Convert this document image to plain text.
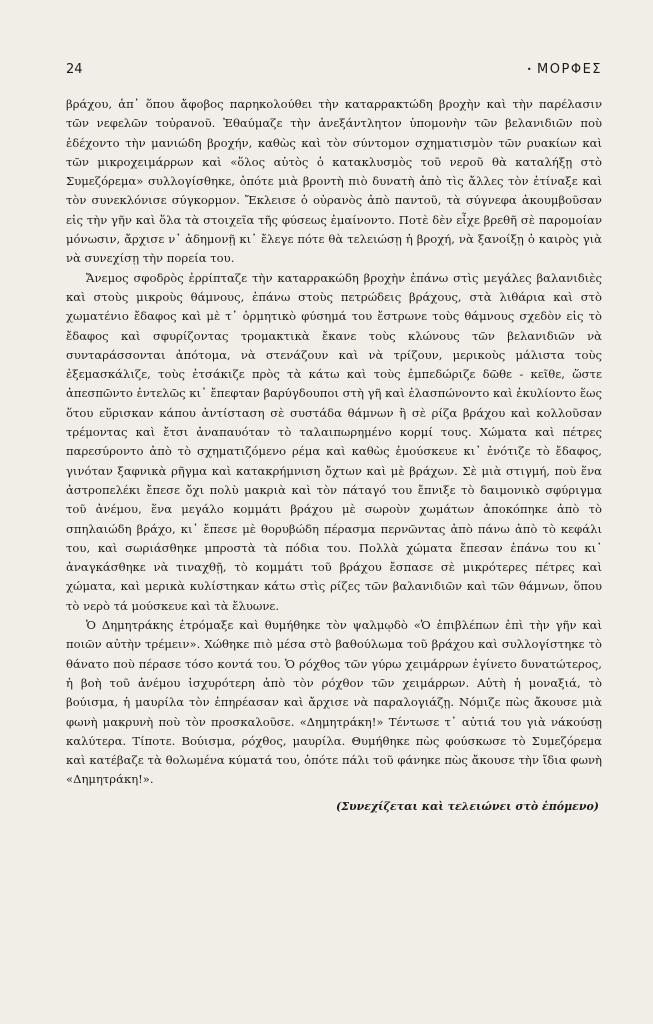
24	• ΜΟΡΦΕΣ

βράχου, ἀπ᾽ ὅπου ἄφοβος παρηκολούθει τὴν καταρρακτώδη βροχὴν καὶ τὴν παρέλασιν τῶν νεφελῶν τοὐρανοῦ. Ἐθαύμαζε τὴν ἀνεξάντλητον ὑπομονὴν τῶν βελανιδιῶν ποὺ ἐδέχοντο τὴν μανιώδη βροχήν, καθὼς καὶ τὸν σύντομον σχηματισμὸν τῶν ρυακίων καὶ τῶν μικροχειμάρρων καὶ «ὅλος αὐτὸς ὁ κατακλυσμὸς τοῦ νεροῦ θὰ καταλήξῃ στὸ Συμεζόρεμα» συλλογίσθηκε, ὁπότε μιὰ βροντὴ πιὸ δυνατὴ ἀπὸ τὶς ἄλλες τὸν ἐτίναξε καὶ τὸν συνεκλόνισε σύγκορμον. Ἔκλεισε ὁ οὐρανὸς ἀπὸ παντοῦ, τὰ σύγνεφα ἀκουμβοῦσαν εἰς τὴν γῆν καὶ ὅλα τὰ στοιχεῖα τῆς φύσεως ἐμαίνοντο. Ποτὲ δὲν εἶχε βρεθῆ σὲ παρομοίαν μόνωσιν, ἄρχισε ν᾽ ἀδημονῇ κι᾽ ἔλεγε πότε θὰ τελειώσῃ ἡ βροχή, νὰ ξανοίξῃ ὁ καιρὸς γιὰ νὰ συνεχίσῃ τὴν πορεία του.

Ἄνεμος σφοδρὸς ἐρρίπταζε τὴν καταρρακώδη βροχὴν ἐπάνω στὶς μεγάλες βαλανιδιὲς καὶ στοὺς μικροὺς θάμνους, ἐπάνω στοὺς πετρώδεις βράχους, στὰ λιθάρια καὶ στὸ χωματένιο ἔδαφος καὶ μὲ τ᾽ ὁρμητικὸ φύσημά του ἔστρωνε τοὺς θάμνους σχεδὸν εἰς τὸ ἔδαφος καὶ σφυρίζοντας τρομακτικὰ ἔκανε τοὺς κλώνους τῶν βελανιδιῶν νὰ συνταράσσονται ἀπότομα, νὰ στενάζουν καὶ νὰ τρίζουν, μερικοὺς μάλιστα τοὺς ἐξεμασκάλιζε, τοὺς ἐτσάκιζε πρὸς τὰ κάτω καὶ τοὺς ἐμπεδώριζε δῶθε - κεῖθε, ὥστε ἀπεσπῶντο ἐντελῶς κι᾽ ἔπεφταν βαρύγδουποι στὴ γῆ καὶ ἐλασπώνοντο καὶ ἐκυλίοντο ἕως ὅτου εὕρισκαν κάπου ἀντίσταση σὲ συστάδα θάμνων ἢ σὲ ρίζα βράχου καὶ κολλοῦσαν τρέμοντας καὶ ἔτσι ἀναπαυόταν τὸ ταλαιπωρημένο κορμί τους. Χώματα καὶ πέτρες παρεσύροντο ἀπὸ τὸ σχηματιζόμενο ρέμα καὶ καθὼς ἐμούσκευε κι᾽ ἐνότιζε τὸ ἔδαφος, γινόταν ξαφνικὰ ρῆγμα καὶ κατακρήμνιση ὄχτων καὶ μὲ βράχων. Σὲ μιὰ στιγμή, ποὺ ἕνα ἀστροπελέκι ἔπεσε ὄχι πολὺ μακριὰ καὶ τὸν πάταγό του ἔπνιξε τὸ δαιμονικὸ σφύριγμα τοῦ ἀνέμου, ἕνα μεγάλο κομμάτι βράχου μὲ σωροὺν χωμάτων ἀποκόπηκε ἀπὸ τὸ σπηλαιώδη βράχο, κι᾽ ἔπεσε μὲ θορυβώδη πέρασμα περνῶντας ἀπὸ πάνω ἀπὸ τὸ κεφάλι του, καὶ σωριάσθηκε μπροστὰ τὰ πόδια του. Πολλὰ χώματα ἔπεσαν ἐπάνω του κι᾽ ἀναγκάσθηκε νὰ τιναχθῇ, τὸ κομμάτι τοῦ βράχου ἔσπασε σὲ μικρότερες πέτρες καὶ χώματα, καὶ μερικὰ κυλίστηκαν κάτω στὶς ρίζες τῶν βαλανιδιῶν καὶ τῶν θάμνων, ὅπου τὸ νερὸ τά μούσκευε καὶ τὰ ἔλυωνε.

Ὁ Δημητράκης ἐτρόμαξε καὶ θυμήθηκε τὸν ψαλμῳδὸ «Ὁ ἐπιβλέπων ἐπὶ τὴν γῆν καὶ ποιῶν αὐτὴν τρέμειν». Χώθηκε πιὸ μέσα στὸ βαθούλωμα τοῦ βράχου καὶ συλλογίστηκε τὸ θάνατο ποὺ πέρασε τόσο κοντά του. Ὁ ρόχθος τῶν γύρω χειμάρρων ἐγίνετο δυνατώτερος, ἡ βοὴ τοῦ ἀνέμου ἰσχυρότερη ἀπὸ τὸν ρόχθον τῶν χειμάρρων. Αὐτὴ ἡ μοναξιά, τὸ βούισμα, ἡ μαυρίλα τὸν ἐπηρέασαν καὶ ἄρχισε νὰ παραλογιάζῃ. Νόμιζε πὼς ἄκουσε μιὰ φωνὴ μακρυνὴ ποὺ τὸν προσκαλοῦσε. «Δημητράκη!» Τέντωσε τ᾽ αὐτιά του γιὰ νάκούσῃ καλύτερα. Τίποτε. Βούισμα, ρόχθος, μαυρίλα. Θυμήθηκε πὼς φούσκωσε τὸ Συμεζόρεμα καὶ κατέβαζε τὰ θολωμένα κύματά του, ὁπότε πάλι τοῦ φάνηκε πὼς ἄκουσε τὴν ἴδια φωνὴ «Δημητράκη!».

(Συνεχίζεται καὶ τελειώνει στὸ ἑπόμενο)
